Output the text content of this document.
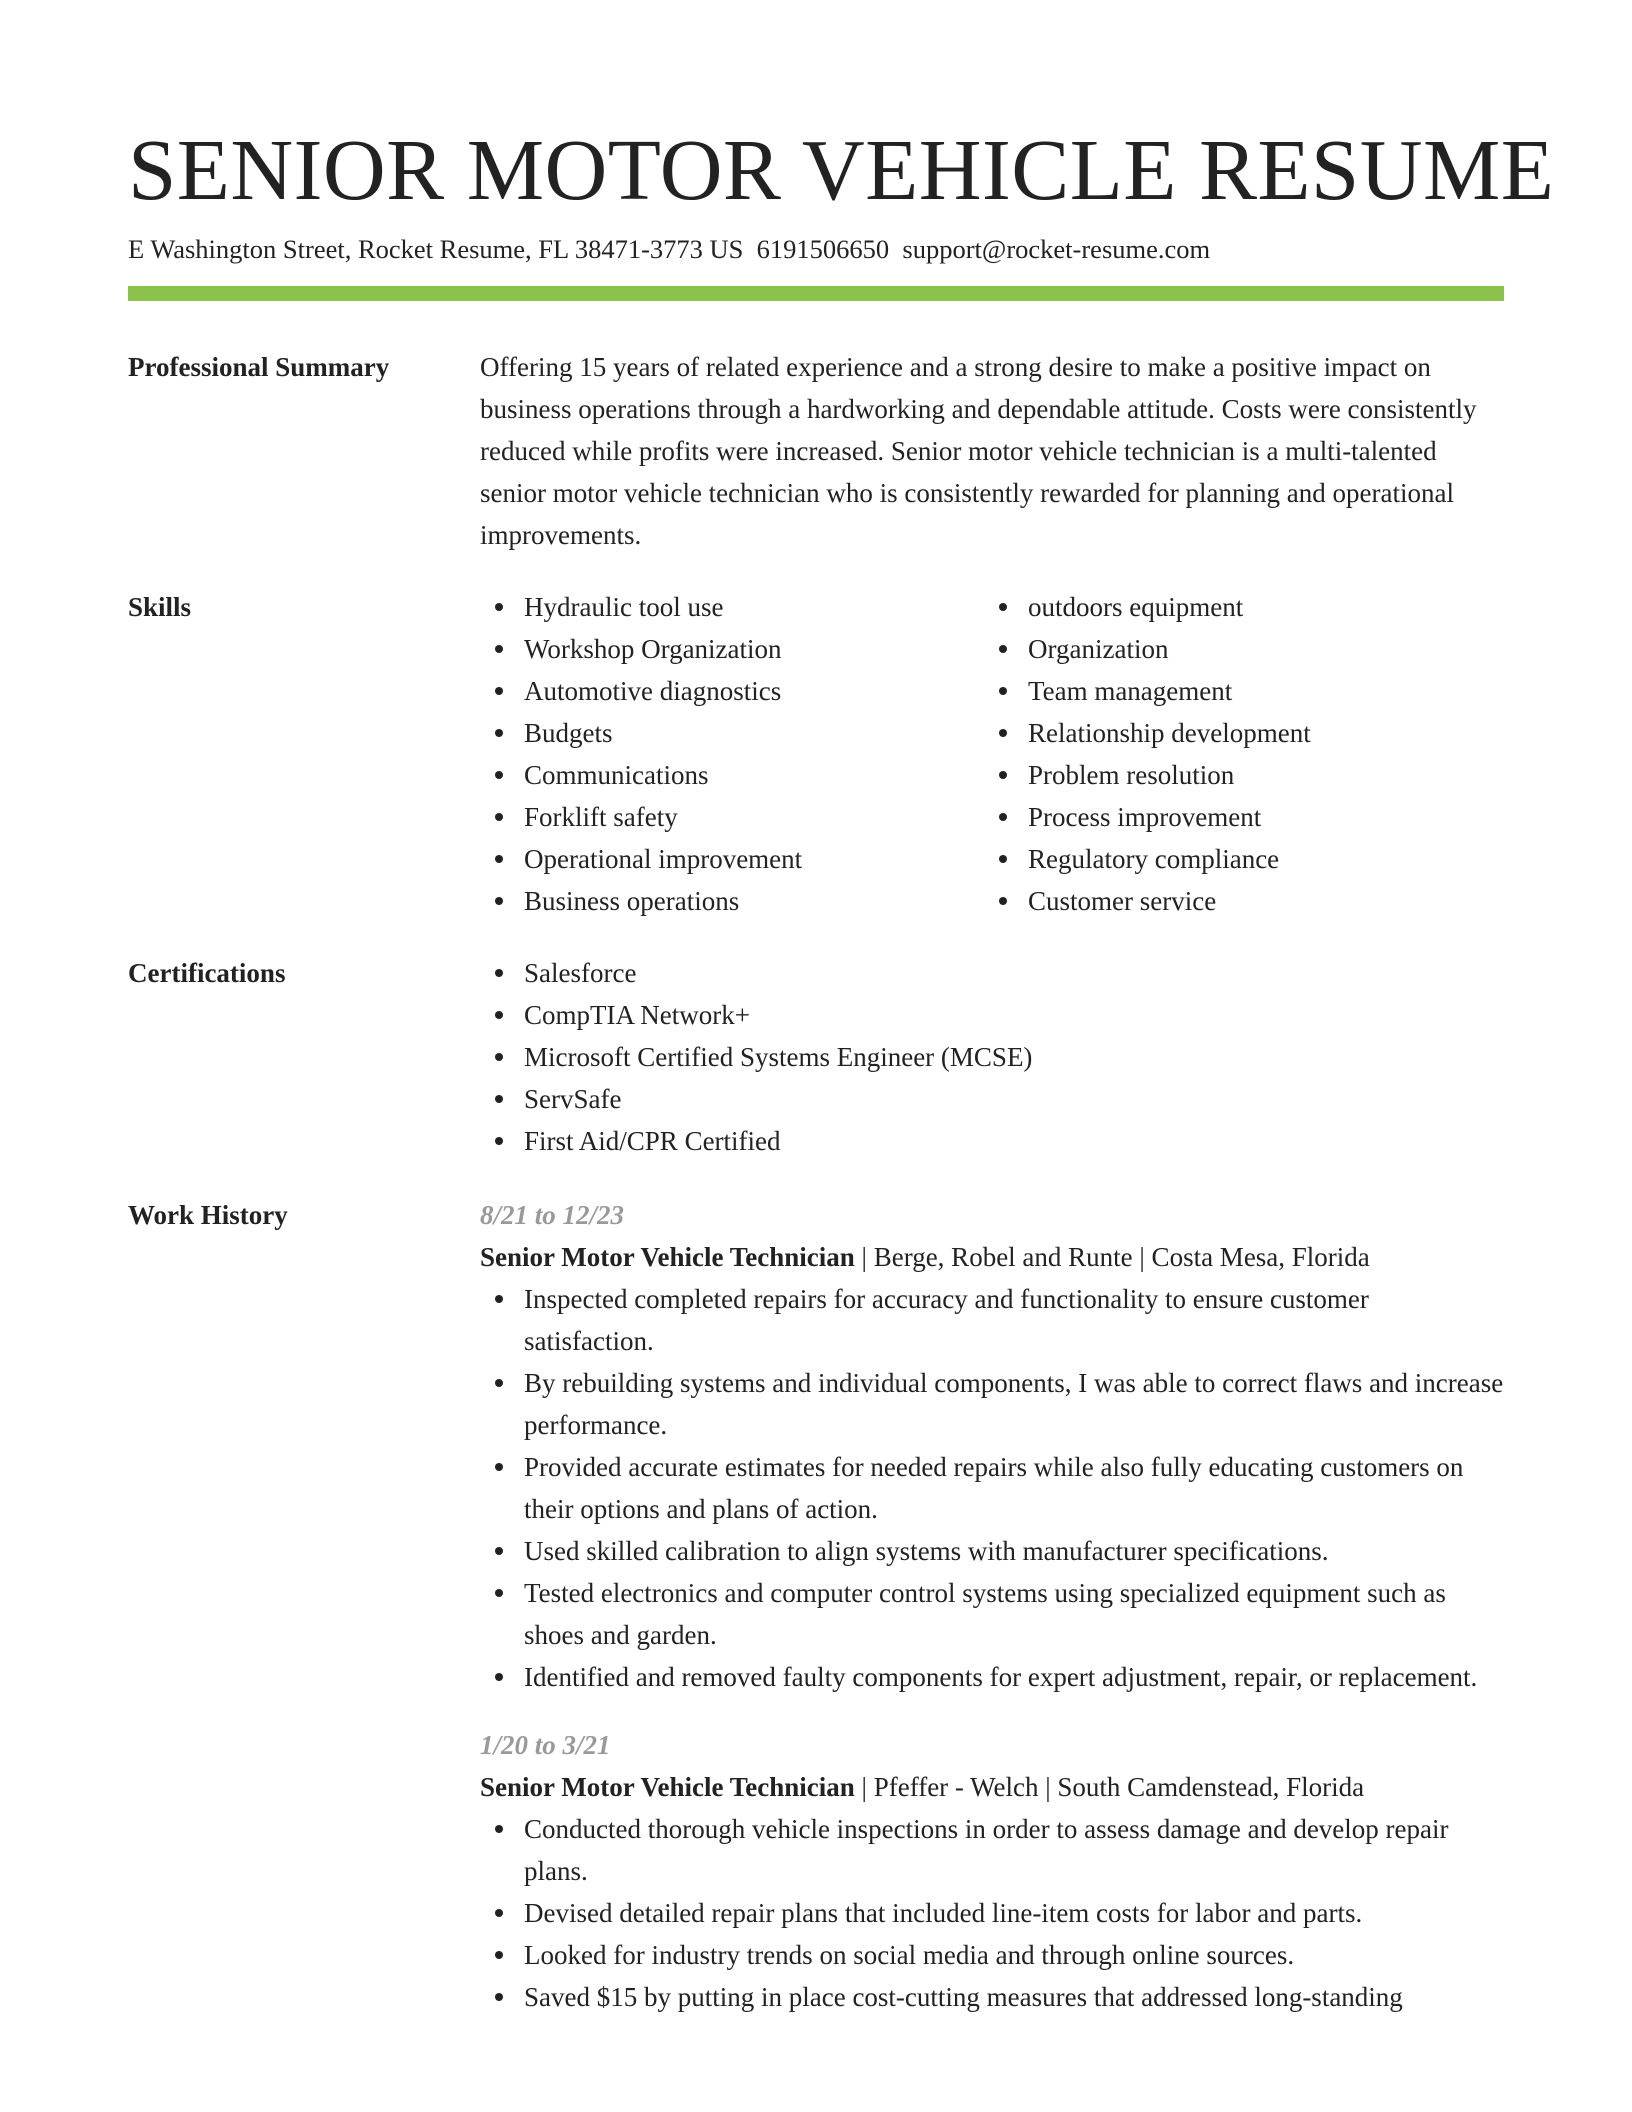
SENIOR MOTOR VEHICLE RESUME
E Washington Street, Rocket Resume, FL 38471-3773 US 6191506650 support@rocket-resume.com
Professional Summary	Offering 15 years of related experience and a strong desire to make a positive impact on business operations through a hardworking and dependable attitude. Costs were consistently reduced while profits were increased. Senior motor vehicle technician is a multi-talented senior motor vehicle technician who is consistently rewarded for planning and operational improvements.

Skills	Hydraulic tool use
Workshop Organization
Automotive diagnostics
Budgets
Communications
Forklift safety
Operational improvement
Business operations
outdoors equipment
Organization
Team management
Relationship development
Problem resolution
Process improvement
Regulatory compliance
Customer service
Certifications	Salesforce
CompTIA Network+
Microsoft Certified Systems Engineer (MCSE)
ServSafe
First Aid/CPR Certified
Work History	8/21 to 12/23
Senior Motor Vehicle Technician | Berge, Robel and Runte | Costa Mesa, Florida
Inspected completed repairs for accuracy and functionality to ensure customer satisfaction.
By rebuilding systems and individual components, I was able to correct flaws and increase performance.
Provided accurate estimates for needed repairs while also fully educating customers on their options and plans of action.
Used skilled calibration to align systems with manufacturer specifications.
Tested electronics and computer control systems using specialized equipment such as shoes and garden.
Identified and removed faulty components for expert adjustment, repair, or replacement.
1/20 to 3/21
Senior Motor Vehicle Technician | Pfeffer - Welch | South Camdenstead, Florida
Conducted thorough vehicle inspections in order to assess damage and develop repair plans.
Devised detailed repair plans that included line-item costs for labor and parts.
Looked for industry trends on social media and through online sources.
Saved $15 by putting in place cost-cutting measures that addressed long-standing
